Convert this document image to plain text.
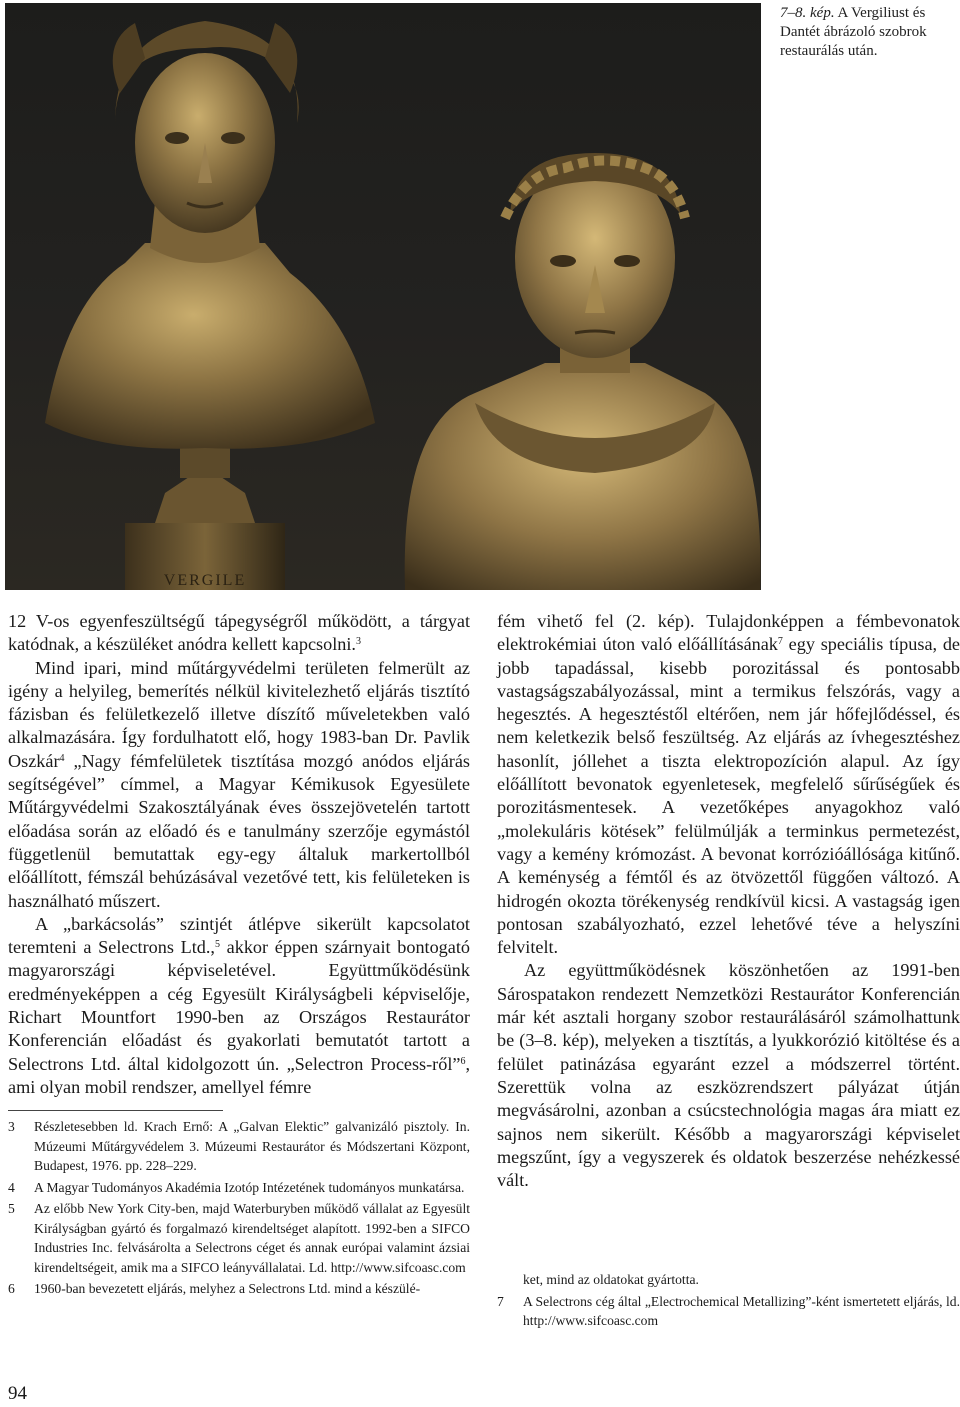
VERGILE
7–8. kép. A Vergiliust és Dantét ábrázoló szobrok restaurálás után.

12 V-os egyenfeszültségű tápegységről működött, a tárgyat katódnak, a készüléket anódra kellett kapcsolni.$^3$

Mind ipari, mind műtárgyvédelmi területen felmerült az igény a helyileg, bemerítés nélkül kivitelezhető eljárás tisztító fázisban és felületkezelő illetve díszítő műveletekben való alkalmazására. Így fordulhatott elő, hogy 1983-ban Dr. Pavlik Oszkár$^4$ „Nagy fémfelületek tisztítása mozgó anódos eljárás segítségével” címmel, a Magyar Kémikusok Egyesülete Műtárgyvédelmi Szakosztályának éves összejövetelén tartott előadása során az előadó és e tanulmány szerzője egymástól függetlenül bemutattak egy-egy általuk markertollból előállított, fémszál behúzásával vezetővé tett, kis felületeken is használható műszert.

A „barkácsolás” szintjét átlépve sikerült kapcsolatot teremteni a Selectrons Ltd.,$^5$ akkor éppen szárnyait bontogató magyarországi képviseletével. Együttműködésünk eredményeképpen a cég Egyesült Királyságbeli képviselője, Richart Mountfort 1990-ben az Országos Restaurátor Konferencián előadást és gyakorlati bemutatót tartott a Selectrons Ltd. által kidolgozott ún. „Selectron Process-ről”$^6$, ami olyan mobil rendszer, amellyel fémre

fém vihető fel (2. kép). Tulajdonképpen a fémbevonatok elektrokémiai úton való előállításának$^7$ egy speciális típusa, de jobb tapadással, kisebb porozitással és pontosabb vastagságszabályozással, mint a termikus felszórás, vagy a hegesztés. A hegesztéstől eltérően, nem jár hőfejlődéssel, és nem keletkezik belső feszültség. Az eljárás az ívhegesztéshez hasonlít, jóllehet a tiszta elektropozíción alapul. Az így előállított bevonatok egyenletesek, megfelelő sűrűségűek és porozitásmentesek. A vezetőképes anyagokhoz való „molekuláris kötések” felülmúlják a terminkus permetezést, vagy a kemény krómozást. A bevonat korrózióállósága kitűnő. A keménység a fémtől és az ötvözettől függően változó. A hidrogén okozta törékenység rendkívül kicsi. A vastagság igen pontosan szabályozható, ezzel lehetővé téve a helyszíni felvitelt.

Az együttműködésnek köszönhetően az 1991-ben Sárospatakon rendezett Nemzetközi Restaurátor Konferencián már két asztali horgany szobor restaurálásáról számolhattunk be (3–8. kép), melyeken a tisztítás, a lyukkorózió kitöltése és a felület patinázása egyaránt ezzel a módszerrel történt. Szerettük volna az eszközrendszert pályázat útján megvásárolni, azonban a csúcstechnológia magas ára miatt ez sajnos nem sikerült. Később a magyarországi képviselet megszűnt, így a vegyszerek és oldatok beszerzése nehézkessé vált.

3 Részletesebben ld. Krach Ernő: A „Galvan Elektic” galvanizáló pisztoly. In. Múzeumi Műtárgyvédelem 3. Múzeumi Restaurátor és Módszertani Központ, Budapest, 1976. pp. 228–229.
4 A Magyar Tudományos Akadémia Izotóp Intézetének tudományos munkatársa.
5 Az előbb New York City-ben, majd Waterburyben működő vállalat az Egyesült Királyságban gyártó és forgalmazó kirendeltséget alapított. 1992-ben a SIFCO Industries Inc. felvásárolta a Selectrons céget és annak európai valamint ázsiai kirendeltségeit, amik ma a SIFCO leányvállalatai. Ld. http://www.sifcoasc.com
6 1960-ban bevezetett eljárás, melyhez a Selectrons Ltd. mind a készülé-
ket, mind az oldatokat gyártotta.
7 A Selectrons cég által „Electrochemical Metallizing”-ként ismertetett eljárás, ld. http://www.sifcoasc.com
94
